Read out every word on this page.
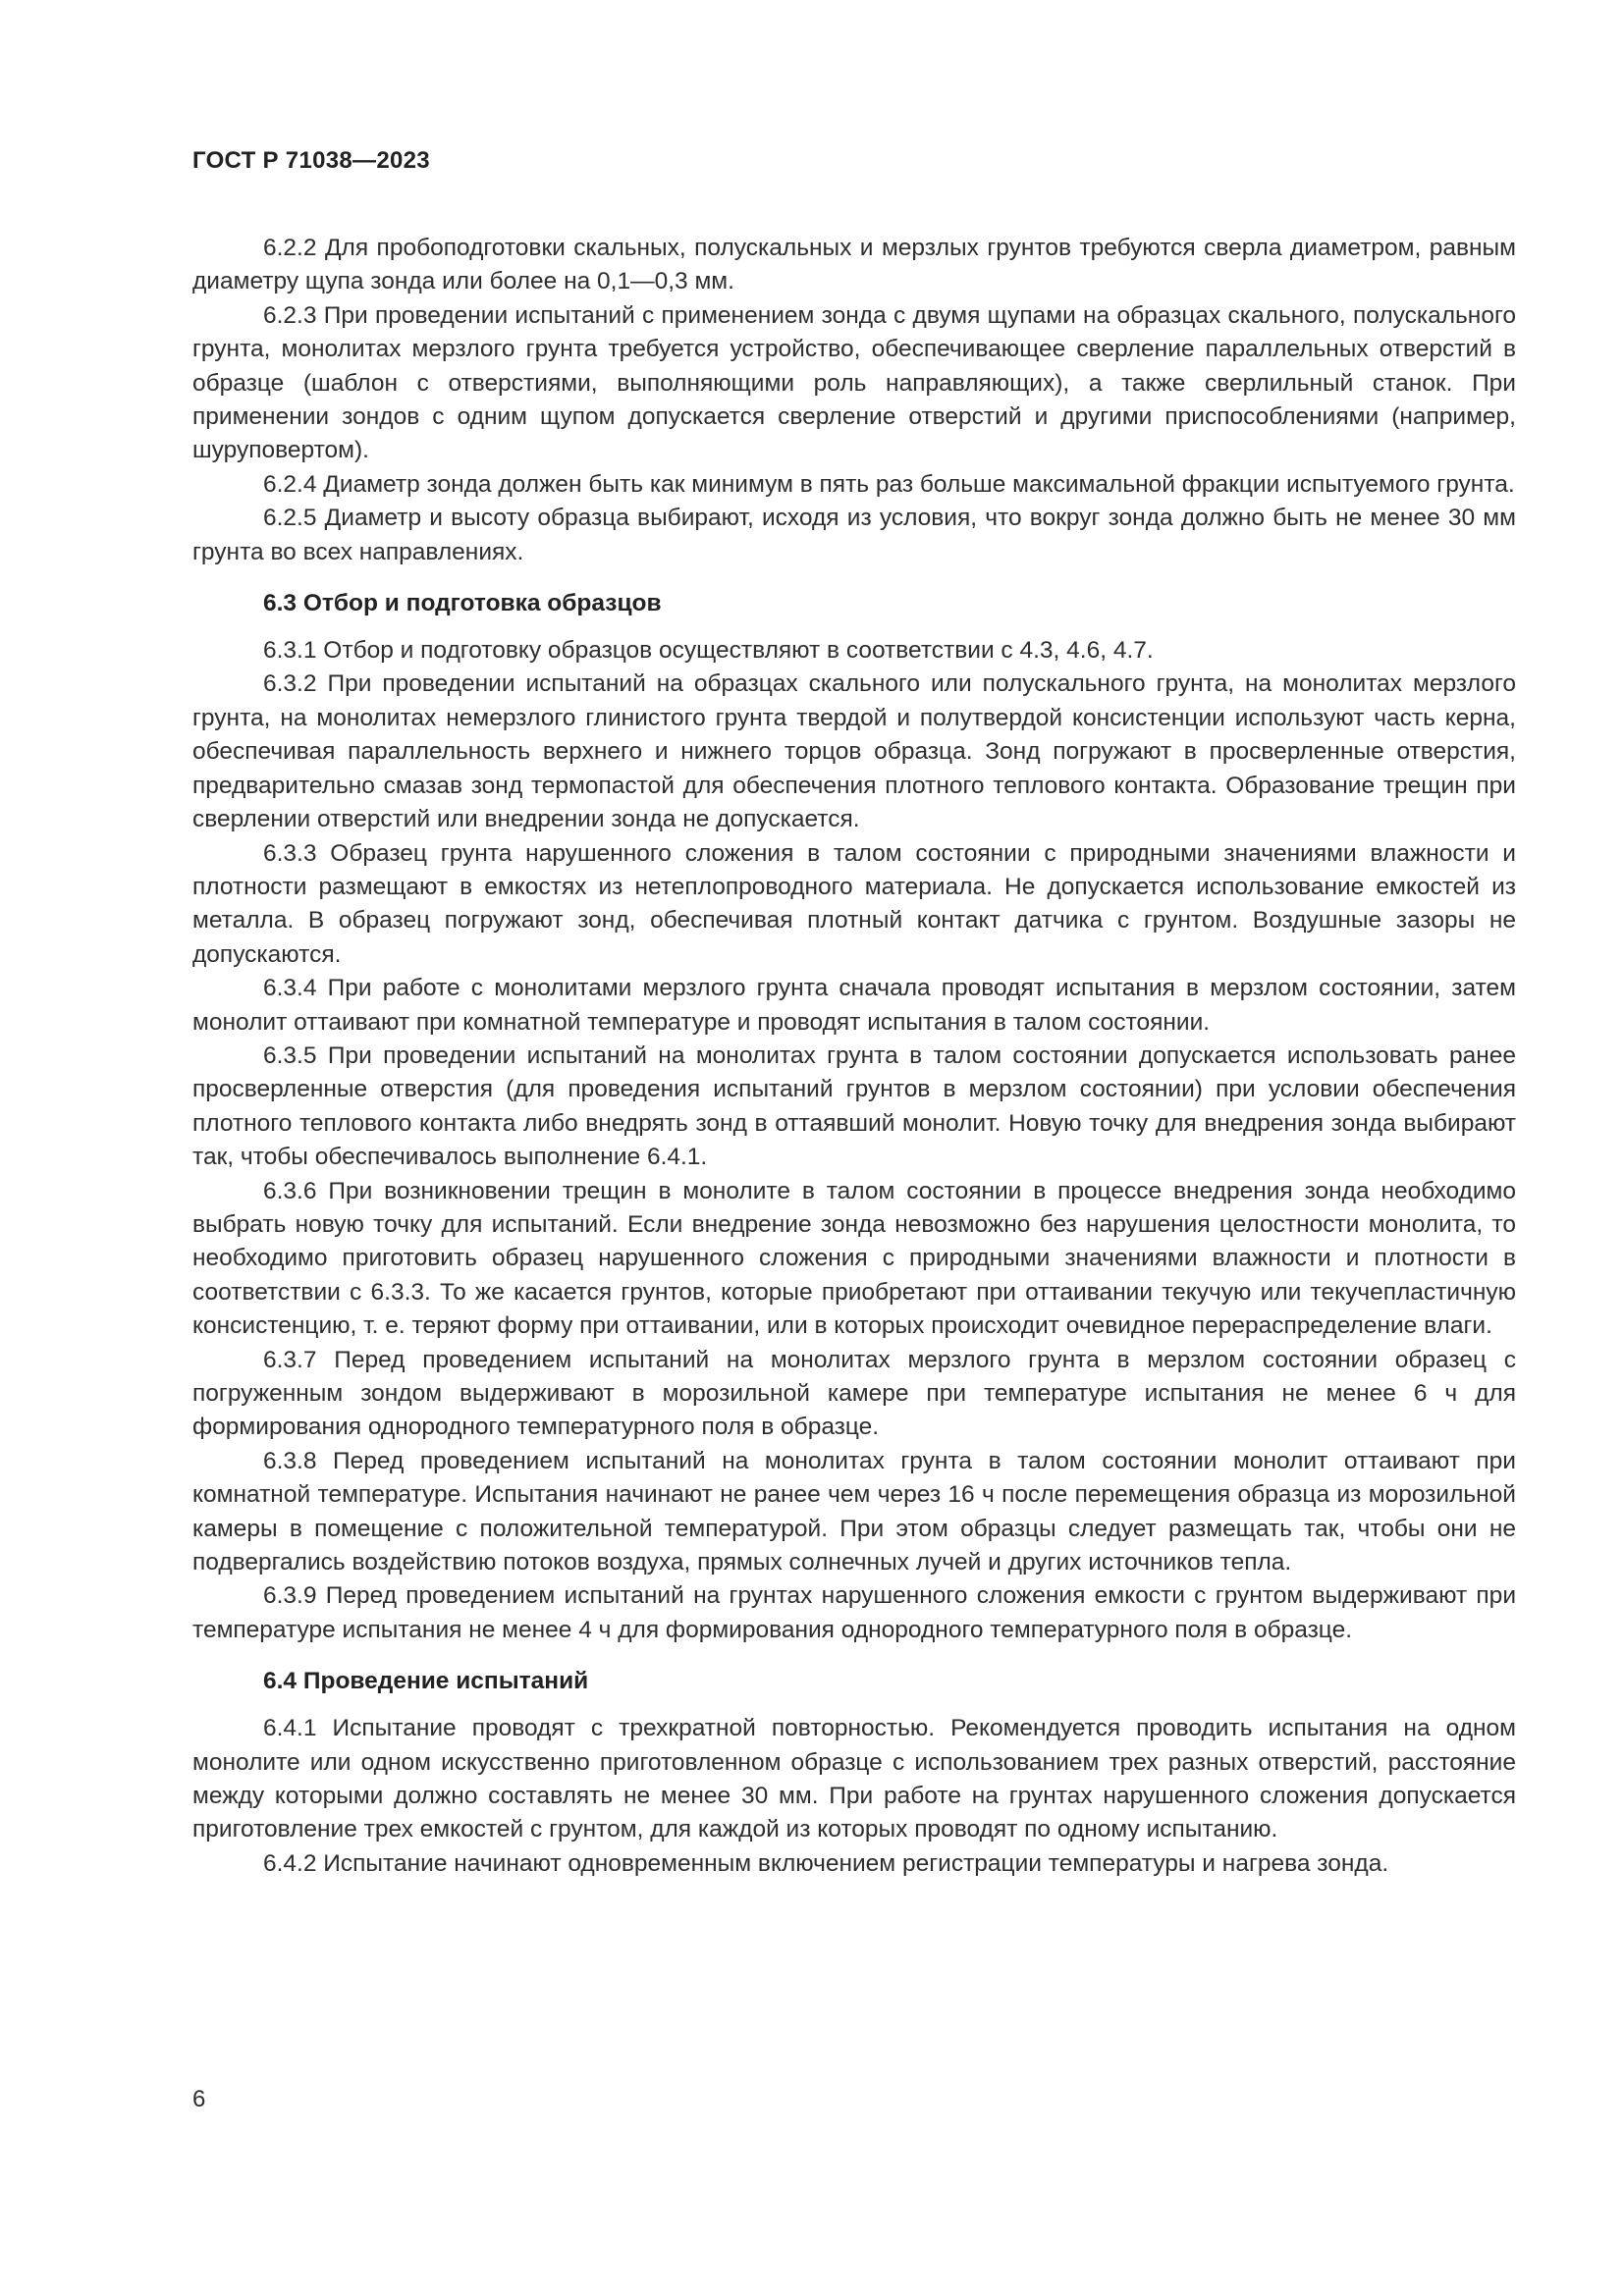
ГОСТ Р 71038—2023

6.2.2 Для пробоподготовки скальных, полускальных и мерзлых грунтов требуются сверла диаметром, равным диаметру щупа зонда или более на 0,1—0,3 мм.

6.2.3 При проведении испытаний с применением зонда с двумя щупами на образцах скального, полускального грунта, монолитах мерзлого грунта требуется устройство, обеспечивающее сверление параллельных отверстий в образце (шаблон с отверстиями, выполняющими роль направляющих), а также сверлильный станок. При применении зондов с одним щупом допускается сверление отверстий и другими приспособлениями (например, шуруповертом).

6.2.4 Диаметр зонда должен быть как минимум в пять раз больше максимальной фракции испытуемого грунта.

6.2.5 Диаметр и высоту образца выбирают, исходя из условия, что вокруг зонда должно быть не менее 30 мм грунта во всех направлениях.

6.3 Отбор и подготовка образцов

6.3.1 Отбор и подготовку образцов осуществляют в соответствии с 4.3, 4.6, 4.7.

6.3.2 При проведении испытаний на образцах скального или полускального грунта, на монолитах мерзлого грунта, на монолитах немерзлого глинистого грунта твердой и полутвердой консистенции используют часть керна, обеспечивая параллельность верхнего и нижнего торцов образца. Зонд погружают в просверленные отверстия, предварительно смазав зонд термопастой для обеспечения плотного теплового контакта. Образование трещин при сверлении отверстий или внедрении зонда не допускается.

6.3.3 Образец грунта нарушенного сложения в талом состоянии с природными значениями влажности и плотности размещают в емкостях из нетеплопроводного материала. Не допускается использование емкостей из металла. В образец погружают зонд, обеспечивая плотный контакт датчика с грунтом. Воздушные зазоры не допускаются.

6.3.4 При работе с монолитами мерзлого грунта сначала проводят испытания в мерзлом состоянии, затем монолит оттаивают при комнатной температуре и проводят испытания в талом состоянии.

6.3.5 При проведении испытаний на монолитах грунта в талом состоянии допускается использовать ранее просверленные отверстия (для проведения испытаний грунтов в мерзлом состоянии) при условии обеспечения плотного теплового контакта либо внедрять зонд в оттаявший монолит. Новую точку для внедрения зонда выбирают так, чтобы обеспечивалось выполнение 6.4.1.

6.3.6 При возникновении трещин в монолите в талом состоянии в процессе внедрения зонда необходимо выбрать новую точку для испытаний. Если внедрение зонда невозможно без нарушения целостности монолита, то необходимо приготовить образец нарушенного сложения с природными значениями влажности и плотности в соответствии с 6.3.3. То же касается грунтов, которые приобретают при оттаивании текучую или текучепластичную консистенцию, т. е. теряют форму при оттаивании, или в которых происходит очевидное перераспределение влаги.

6.3.7 Перед проведением испытаний на монолитах мерзлого грунта в мерзлом состоянии образец с погруженным зондом выдерживают в морозильной камере при температуре испытания не менее 6 ч для формирования однородного температурного поля в образце.

6.3.8 Перед проведением испытаний на монолитах грунта в талом состоянии монолит оттаивают при комнатной температуре. Испытания начинают не ранее чем через 16 ч после перемещения образца из морозильной камеры в помещение с положительной температурой. При этом образцы следует размещать так, чтобы они не подвергались воздействию потоков воздуха, прямых солнечных лучей и других источников тепла.

6.3.9 Перед проведением испытаний на грунтах нарушенного сложения емкости с грунтом выдерживают при температуре испытания не менее 4 ч для формирования однородного температурного поля в образце.

6.4 Проведение испытаний

6.4.1 Испытание проводят с трехкратной повторностью. Рекомендуется проводить испытания на одном монолите или одном искусственно приготовленном образце с использованием трех разных отверстий, расстояние между которыми должно составлять не менее 30 мм. При работе на грунтах нарушенного сложения допускается приготовление трех емкостей с грунтом, для каждой из которых проводят по одному испытанию.

6.4.2 Испытание начинают одновременным включением регистрации температуры и нагрева зонда.

6
